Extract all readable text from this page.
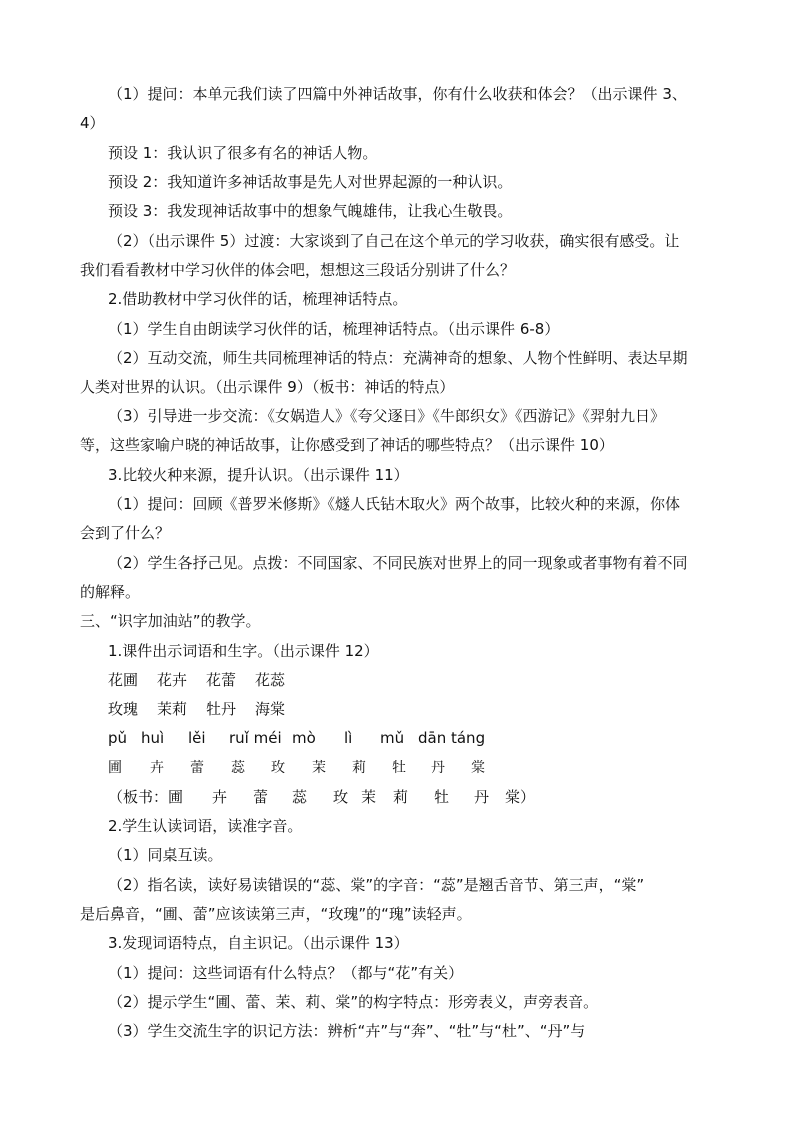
（1）提问：本单元我们读了四篇中外神话故事，你有什么收获和体会？（出示课件 3、
4）
预设 1：我认识了很多有名的神话人物。
预设 2：我知道许多神话故事是先人对世界起源的一种认识。
预设 3：我发现神话故事中的想象气魄雄伟，让我心生敬畏。
（2）（出示课件 5）过渡：大家谈到了自己在这个单元的学习收获，确实很有感受。让
我们看看教材中学习伙伴的体会吧，想想这三段话分别讲了什么？
2.借助教材中学习伙伴的话，梳理神话特点。
（1）学生自由朗读学习伙伴的话，梳理神话特点。（出示课件 6-8）
（2）互动交流，师生共同梳理神话的特点：充满神奇的想象、人物个性鲜明、表达早期
人类对世界的认识。（出示课件 9）（板书：神话的特点）
（3）引导进一步交流：《女娲造人》《夸父逐日》《牛郎织女》《西游记》《羿射九日》
等，这些家喻户晓的神话故事，让你感受到了神话的哪些特点？（出示课件 10）
3.比较火种来源，提升认识。（出示课件 11）
（1）提问：回顾《普罗米修斯》《燧人氏钻木取火》两个故事，比较火种的来源，你体
会到了什么？
（2）学生各抒己见。点拨：不同国家、不同民族对世界上的同一现象或者事物有着不同
的解释。
三、“识字加油站”的教学。
1.课件出示词语和生字。（出示课件 12）
花圃 花卉 花蕾 花蕊
玫瑰 茉莉 牡丹 海棠
pǔ huì lěi ruǐ méi mò lì mǔ dān táng
圃 卉 蕾 蕊 玫 茉 莉 牡 丹 棠
（板书：圃 卉 蕾 蕊 玫 茉 莉 牡 丹 棠）
2.学生认读词语，读准字音。
（1）同桌互读。
（2）指名读，读好易读错误的“蕊、棠”的字音：“蕊”是翘舌音节、第三声，“棠”
是后鼻音，“圃、蕾”应该读第三声，“玫瑰”的“瑰”读轻声。
3.发现词语特点，自主识记。（出示课件 13）
（1）提问：这些词语有什么特点？（都与“花”有关）
（2）提示学生“圃、蕾、茉、莉、棠”的构字特点：形旁表义，声旁表音。
（3）学生交流生字的识记方法：辨析“卉”与“奔”、“牡”与“杜”、“丹”与
